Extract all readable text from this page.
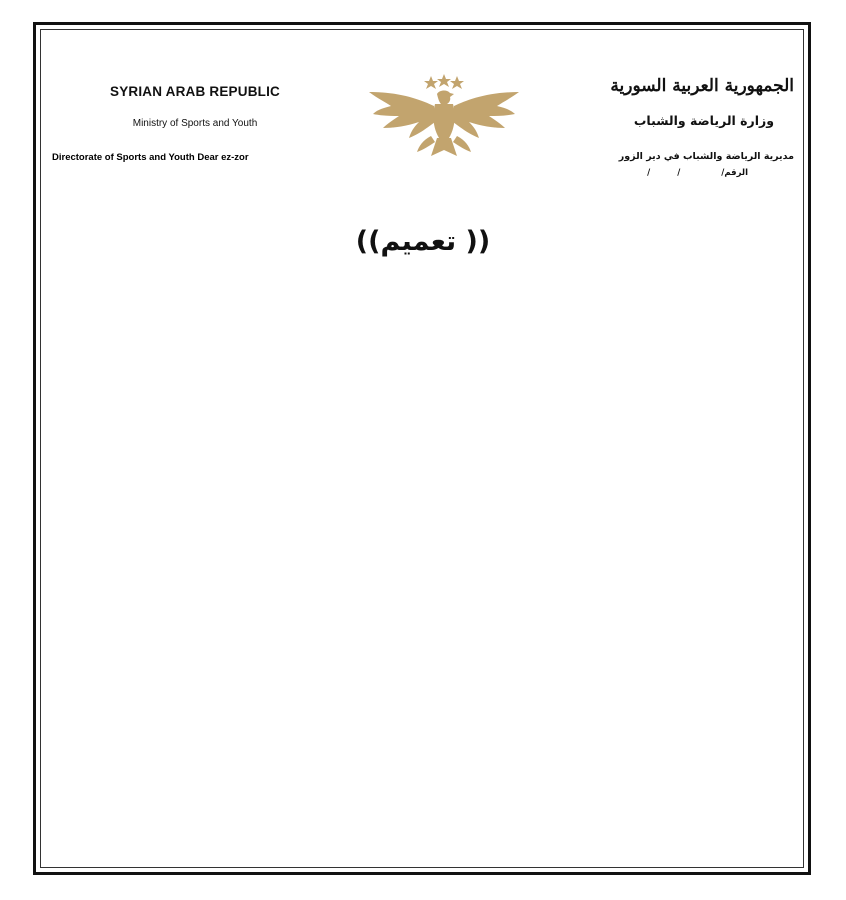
SYRIAN ARAB REPUBLIC
Ministry of Sports and Youth
Directorate of Sports and Youth Dear ez-zor
الجمهورية العربية السورية
وزارة الرياضة والشباب
مديرية الرياضة والشباب في دير الزور
الرقم/ / /
(( تعميم))
